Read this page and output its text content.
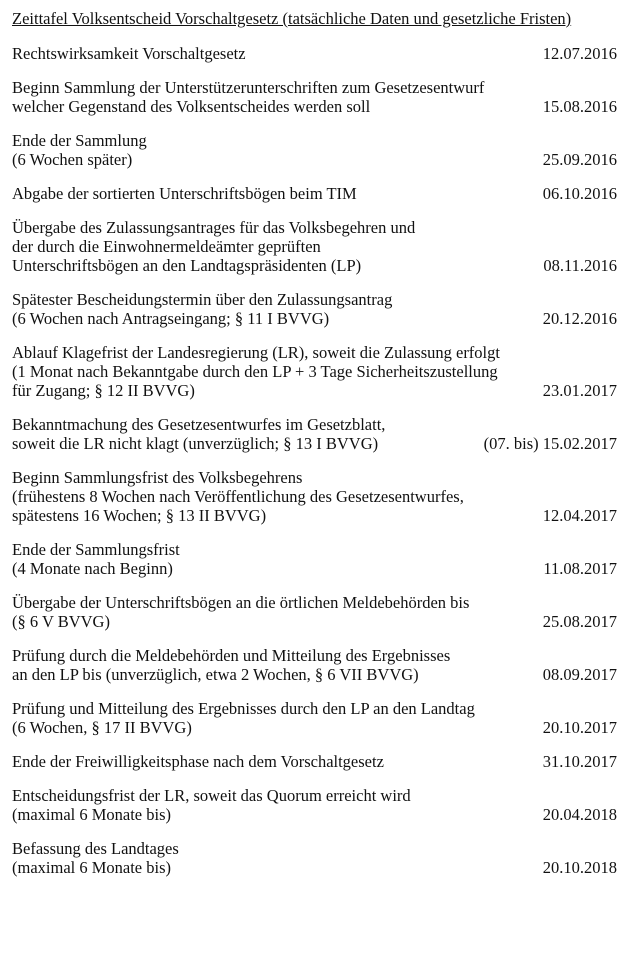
Zeittafel Volksentscheid Vorschaltgesetz (tatsächliche Daten und gesetzliche Fristen)
Rechtswirksamkeit Vorschaltgesetz	12.07.2016
Beginn Sammlung der Unterstützerunterschriften zum Gesetzesentwurf
welcher Gegenstand des Volksentscheides werden soll	15.08.2016
Ende der Sammlung
(6 Wochen später)	25.09.2016
Abgabe der sortierten Unterschriftsbögen beim TIM	06.10.2016
Übergabe des Zulassungsantrages für das Volksbegehren und
der durch die Einwohnermeldeämter geprüften
Unterschriftsbögen an den Landtagspräsidenten (LP)	08.11.2016
Spätester Bescheidungstermin über den Zulassungsantrag
(6 Wochen nach Antragseingang; § 11 I BVVG)	20.12.2016
Ablauf Klagefrist der Landesregierung (LR), soweit die Zulassung erfolgt
(1 Monat nach Bekanntgabe durch den LP + 3 Tage Sicherheitszustellung
für Zugang; § 12 II BVVG)	23.01.2017
Bekanntmachung des Gesetzesentwurfes im Gesetzblatt,
soweit die LR nicht klagt (unverzüglich; § 13 I BVVG)	(07. bis) 15.02.2017
Beginn Sammlungsfrist des Volksbegehrens
(frühestens 8 Wochen nach Veröffentlichung des Gesetzesentwurfes,
spätestens 16 Wochen; § 13 II BVVG)	12.04.2017
Ende der Sammlungsfrist
(4 Monate nach Beginn)	11.08.2017
Übergabe der Unterschriftsbögen an die örtlichen Meldebehörden bis
(§ 6 V BVVG)	25.08.2017
Prüfung durch die Meldebehörden und Mitteilung des Ergebnisses
an den LP bis (unverzüglich, etwa 2 Wochen, § 6 VII BVVG)	08.09.2017
Prüfung und Mitteilung des Ergebnisses durch den LP an den Landtag
(6 Wochen, § 17 II BVVG)	20.10.2017
Ende der Freiwilligkeitsphase nach dem Vorschaltgesetz	31.10.2017
Entscheidungsfrist der LR, soweit das Quorum erreicht wird
(maximal 6 Monate bis)	20.04.2018
Befassung des Landtages
(maximal 6 Monate bis)	20.10.2018
